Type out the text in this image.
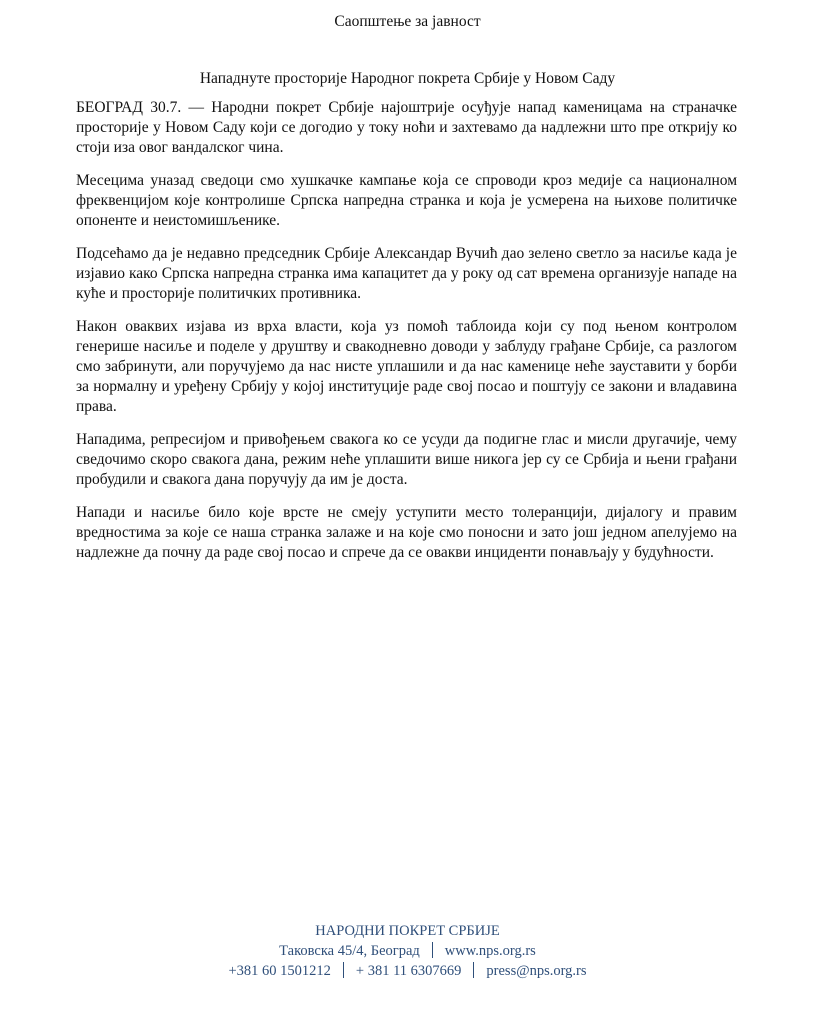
Саопштење за јавност
Нападнуте просторије Народног покрета Србије у Новом Саду

БЕОГРАД 30.7. — Народни покрет Србије најоштрије осуђује напад каменицама на страначке просторије у Новом Саду који се догодио у току ноћи и захтевамо да надлежни што пре открију ко стоји иза овог вандалског чина.

Месецима уназад сведоци смо хушкачке кампање која се спроводи кроз медије са националном фреквенцијом које контролише Српска напредна странка и која је усмерена на њихове политичке опоненте и неистомишљенике.

Подсећамо да је недавно председник Србије Александар Вучић дао зелено светло за насиље када је изјавио како Српска напредна странка има капацитет да у року од сат времена организује нападе на куће и просторије политичких противника.

Након оваквих изјава из врха власти, која уз помоћ таблоида који су под њеном контролом генерише насиље и поделе у друштву и свакодневно доводи у заблуду грађане Србије, са разлогом смо забринути, али поручујемо да нас нисте уплашили и да нас каменице неће зауставити у борби за нормалну и уређену Србију у којој институције раде свој посао и поштују се закони и владавина права.

Нападима, репресијом и привођењем свакога ко се усуди да подигне глас и мисли другачије, чему сведочимо скоро свакога дана, режим неће уплашити више никога јер су се Србија и њени грађани пробудили и свакога дана поручују да им је доста.

Напади и насиље било које врсте не смеју уступити место толеранцији, дијалогу и правим вредностима за које се наша странка залаже и на које смо поносни и зато још једном апелујемо на надлежне да почну да раде свој посао и спрече да се овакви инциденти понављају у будућности.

НАРОДНИ ПОКРЕТ СРБИЈЕ
Таковска 45/4, Београд www.nps.org.rs
+381 60 1501212 + 381 11 6307669 press@nps.org.rs
